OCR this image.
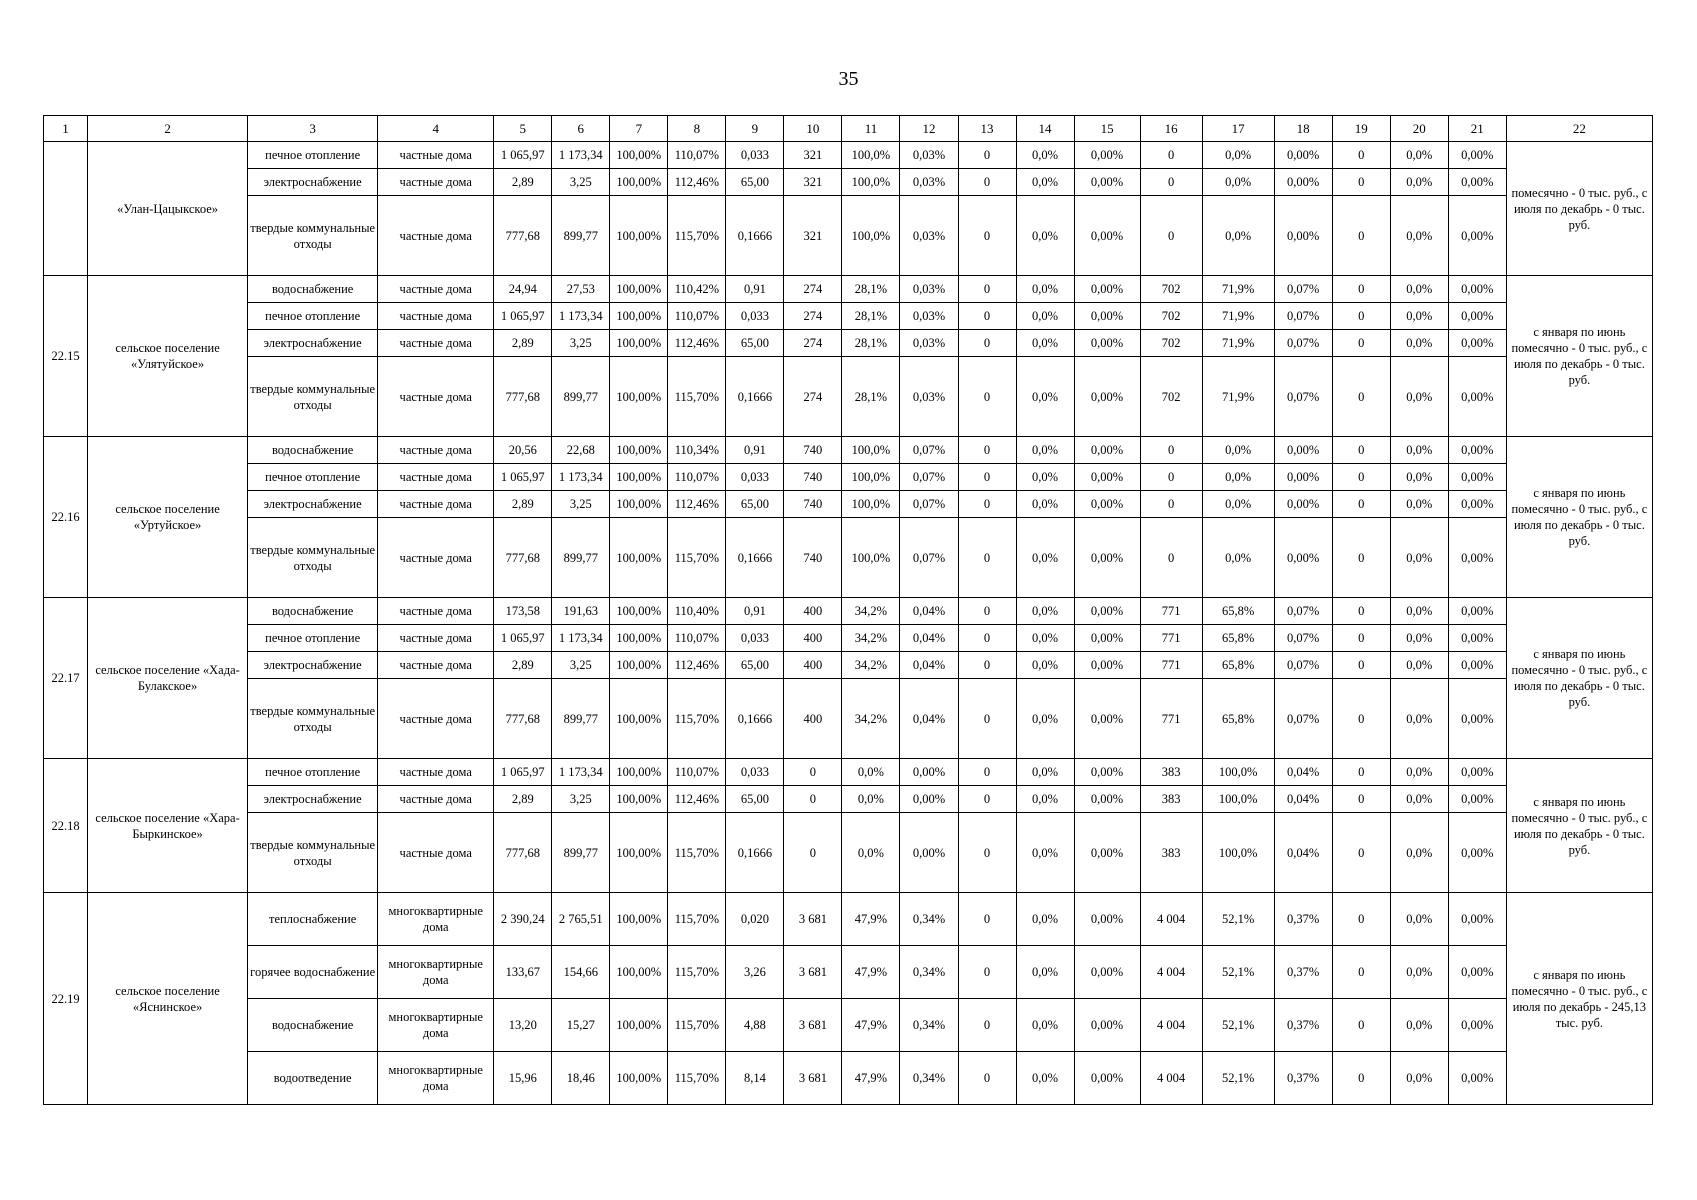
35
1	2	3	4	5	6	7	8	9	10	11	12	13	14	15	16	17	18	19	20	21	22
	«Улан-Цацыкское»	печное отопление	частные дома	1 065,97	1 173,34	100,00%	110,07%	0,033	321	100,0%	0,03%	0	0,0%	0,00%	0	0,0%	0,00%	0	0,0%	0,00%	помесячно - 0 тыс. руб., с июля по декабрь - 0 тыс. руб.
		электроснабжение	частные дома	2,89	3,25	100,00%	112,46%	65,00	321	100,0%	0,03%	0	0,0%	0,00%	0	0,0%	0,00%	0	0,0%	0,00%	
		твердые коммунальные отходы	частные дома	777,68	899,77	100,00%	115,70%	0,1666	321	100,0%	0,03%	0	0,0%	0,00%	0	0,0%	0,00%	0	0,0%	0,00%	
22.15	сельское поселение «Улятуйское»	водоснабжение	частные дома	24,94	27,53	100,00%	110,42%	0,91	274	28,1%	0,03%	0	0,0%	0,00%	702	71,9%	0,07%	0	0,0%	0,00%	с января по июнь помесячно - 0 тыс. руб., с июля по декабрь - 0 тыс. руб.
		печное отопление	частные дома	1 065,97	1 173,34	100,00%	110,07%	0,033	274	28,1%	0,03%	0	0,0%	0,00%	702	71,9%	0,07%	0	0,0%	0,00%	
		электроснабжение	частные дома	2,89	3,25	100,00%	112,46%	65,00	274	28,1%	0,03%	0	0,0%	0,00%	702	71,9%	0,07%	0	0,0%	0,00%	
		твердые коммунальные отходы	частные дома	777,68	899,77	100,00%	115,70%	0,1666	274	28,1%	0,03%	0	0,0%	0,00%	702	71,9%	0,07%	0	0,0%	0,00%	
22.16	сельское поселение «Уртуйское»	водоснабжение	частные дома	20,56	22,68	100,00%	110,34%	0,91	740	100,0%	0,07%	0	0,0%	0,00%	0	0,0%	0,00%	0	0,0%	0,00%	с января по июнь помесячно - 0 тыс. руб., с июля по декабрь - 0 тыс. руб.
		печное отопление	частные дома	1 065,97	1 173,34	100,00%	110,07%	0,033	740	100,0%	0,07%	0	0,0%	0,00%	0	0,0%	0,00%	0	0,0%	0,00%	
		электроснабжение	частные дома	2,89	3,25	100,00%	112,46%	65,00	740	100,0%	0,07%	0	0,0%	0,00%	0	0,0%	0,00%	0	0,0%	0,00%	
		твердые коммунальные отходы	частные дома	777,68	899,77	100,00%	115,70%	0,1666	740	100,0%	0,07%	0	0,0%	0,00%	0	0,0%	0,00%	0	0,0%	0,00%	
22.17	сельское поселение «Хада-Булакское»	водоснабжение	частные дома	173,58	191,63	100,00%	110,40%	0,91	400	34,2%	0,04%	0	0,0%	0,00%	771	65,8%	0,07%	0	0,0%	0,00%	с января по июнь помесячно - 0 тыс. руб., с июля по декабрь - 0 тыс. руб.
		печное отопление	частные дома	1 065,97	1 173,34	100,00%	110,07%	0,033	400	34,2%	0,04%	0	0,0%	0,00%	771	65,8%	0,07%	0	0,0%	0,00%	
		электроснабжение	частные дома	2,89	3,25	100,00%	112,46%	65,00	400	34,2%	0,04%	0	0,0%	0,00%	771	65,8%	0,07%	0	0,0%	0,00%	
		твердые коммунальные отходы	частные дома	777,68	899,77	100,00%	115,70%	0,1666	400	34,2%	0,04%	0	0,0%	0,00%	771	65,8%	0,07%	0	0,0%	0,00%	
22.18	сельское поселение «Хара-Быркинское»	печное отопление	частные дома	1 065,97	1 173,34	100,00%	110,07%	0,033	0	0,0%	0,00%	0	0,0%	0,00%	383	100,0%	0,04%	0	0,0%	0,00%	с января по июнь помесячно - 0 тыс. руб., с июля по декабрь - 0 тыс. руб.
		электроснабжение	частные дома	2,89	3,25	100,00%	112,46%	65,00	0	0,0%	0,00%	0	0,0%	0,00%	383	100,0%	0,04%	0	0,0%	0,00%	
		твердые коммунальные отходы	частные дома	777,68	899,77	100,00%	115,70%	0,1666	0	0,0%	0,00%	0	0,0%	0,00%	383	100,0%	0,04%	0	0,0%	0,00%	
22.19	сельское поселение «Яснинское»	теплоснабжение	многоквартирные дома	2 390,24	2 765,51	100,00%	115,70%	0,020	3 681	47,9%	0,34%	0	0,0%	0,00%	4 004	52,1%	0,37%	0	0,0%	0,00%	с января по июнь помесячно - 0 тыс. руб., с июля по декабрь - 245,13 тыс. руб.
		горячее водоснабжение	многоквартирные дома	133,67	154,66	100,00%	115,70%	3,26	3 681	47,9%	0,34%	0	0,0%	0,00%	4 004	52,1%	0,37%	0	0,0%	0,00%	
		водоснабжение	многоквартирные дома	13,20	15,27	100,00%	115,70%	4,88	3 681	47,9%	0,34%	0	0,0%	0,00%	4 004	52,1%	0,37%	0	0,0%	0,00%	
		водоотведение	многоквартирные дома	15,96	18,46	100,00%	115,70%	8,14	3 681	47,9%	0,34%	0	0,0%	0,00%	4 004	52,1%	0,37%	0	0,0%	0,00%	
